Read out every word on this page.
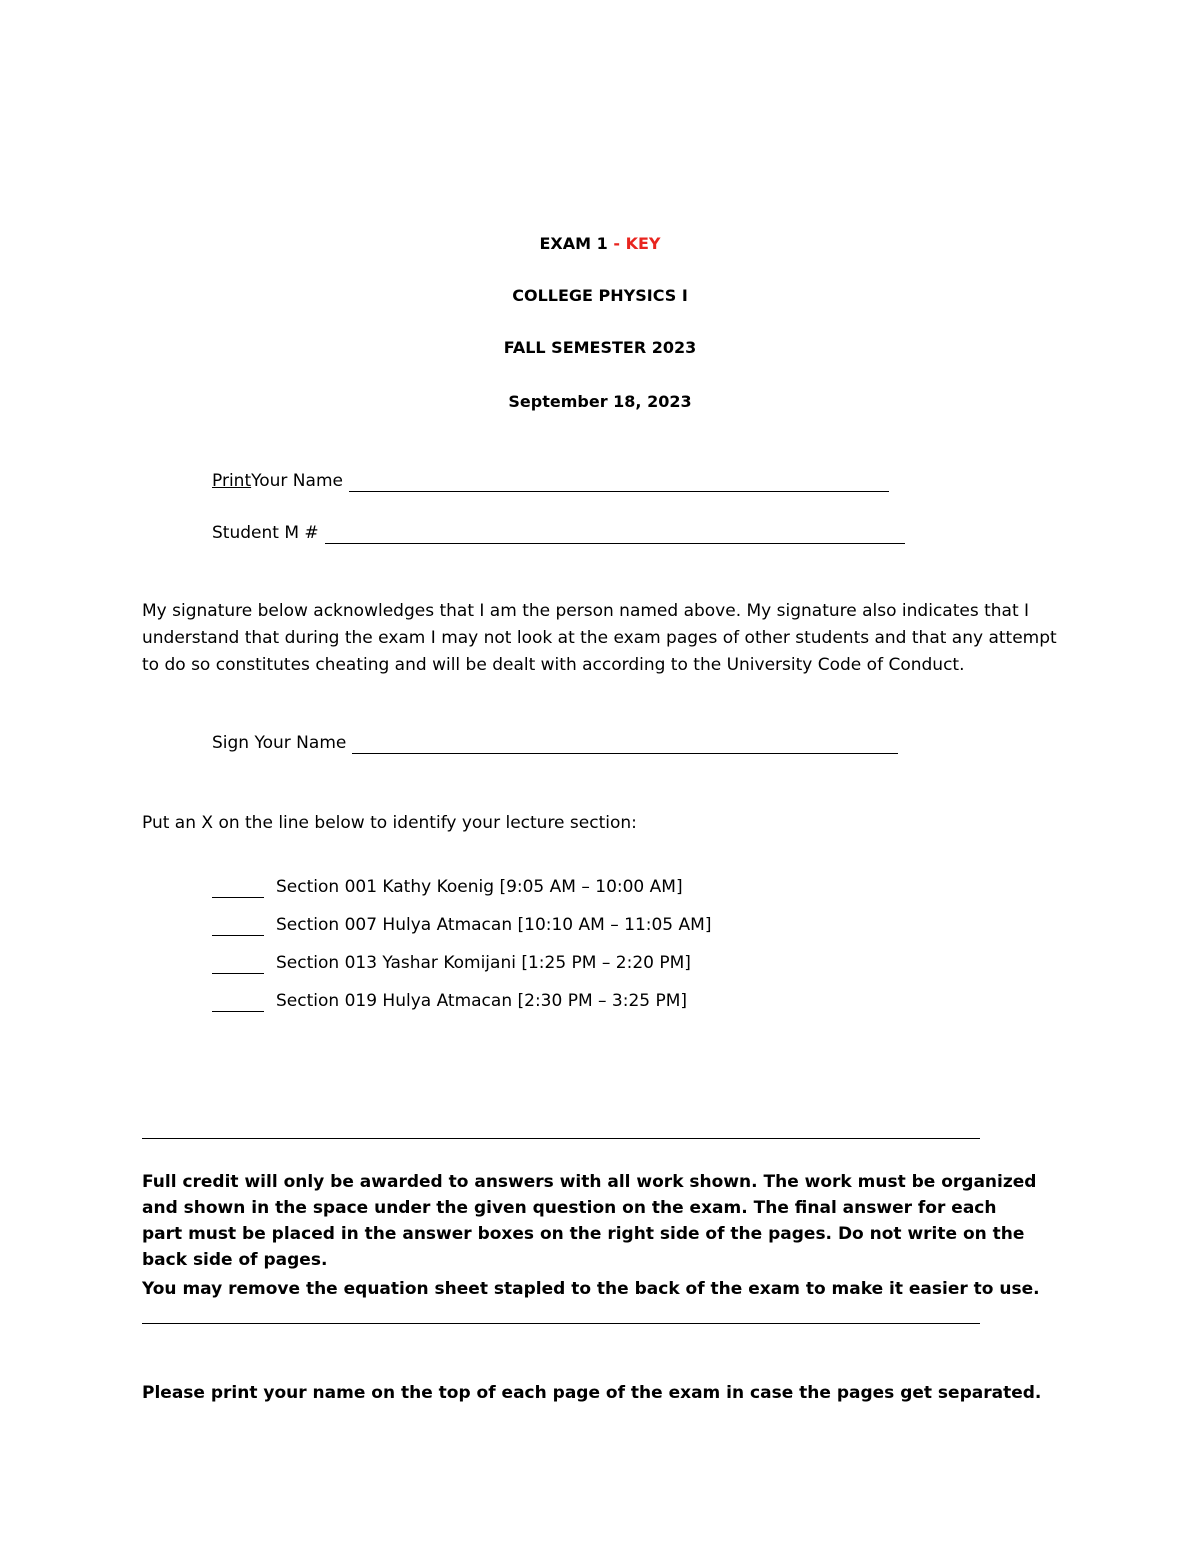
EXAM 1 - KEY
COLLEGE PHYSICS I
FALL SEMESTER 2023
September 18, 2023
Print Your Name
Student M #
My signature below acknowledges that I am the person named above. My signature also indicates that I understand that during the exam I may not look at the exam pages of other students and that any attempt to do so constitutes cheating and will be dealt with according to the University Code of Conduct.
Sign Your Name
Put an X on the line below to identify your lecture section:
Section 001 Kathy Koenig [9:05 AM – 10:00 AM]
Section 007 Hulya Atmacan [10:10 AM – 11:05 AM]
Section 013 Yashar Komijani [1:25 PM – 2:20 PM]
Section 019 Hulya Atmacan [2:30 PM – 3:25 PM]
Full credit will only be awarded to answers with all work shown. The work must be organized and shown in the space under the given question on the exam. The final answer for each part must be placed in the answer boxes on the right side of the pages. Do not write on the back side of pages.
You may remove the equation sheet stapled to the back of the exam to make it easier to use.
Please print your name on the top of each page of the exam in case the pages get separated.
